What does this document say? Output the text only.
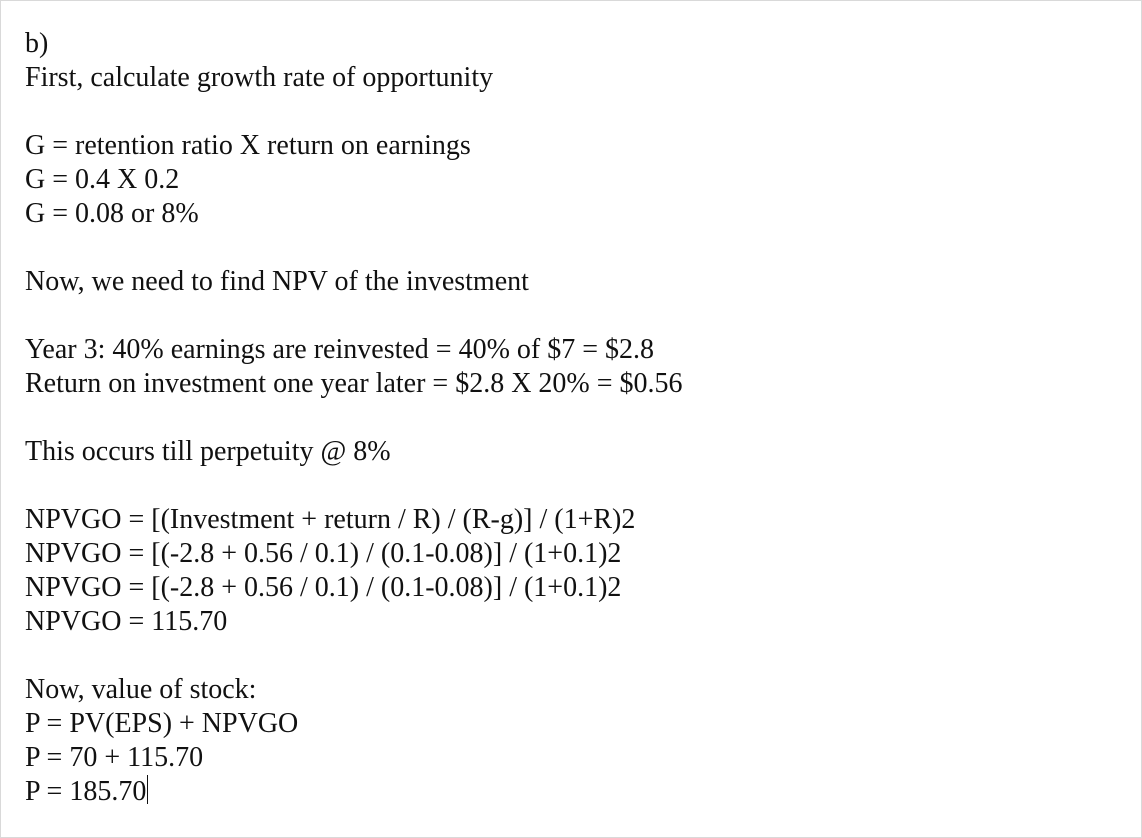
b)
First, calculate growth rate of opportunity
G = retention ratio X return on earnings
G = 0.4 X 0.2
G = 0.08 or 8%
Now, we need to find NPV of the investment
Year 3: 40% earnings are reinvested = 40% of $7 = $2.8
Return on investment one year later = $2.8 X 20% = $0.56
This occurs till perpetuity @ 8%
NPVGO = [(Investment + return / R) / (R-g)] / (1+R)2
NPVGO = [(-2.8 + 0.56 / 0.1) / (0.1-0.08)] / (1+0.1)2
NPVGO = [(-2.8 + 0.56 / 0.1) / (0.1-0.08)] / (1+0.1)2
NPVGO = 115.70
Now, value of stock:
P = PV(EPS) + NPVGO
P = 70 + 115.70
P = 185.70
